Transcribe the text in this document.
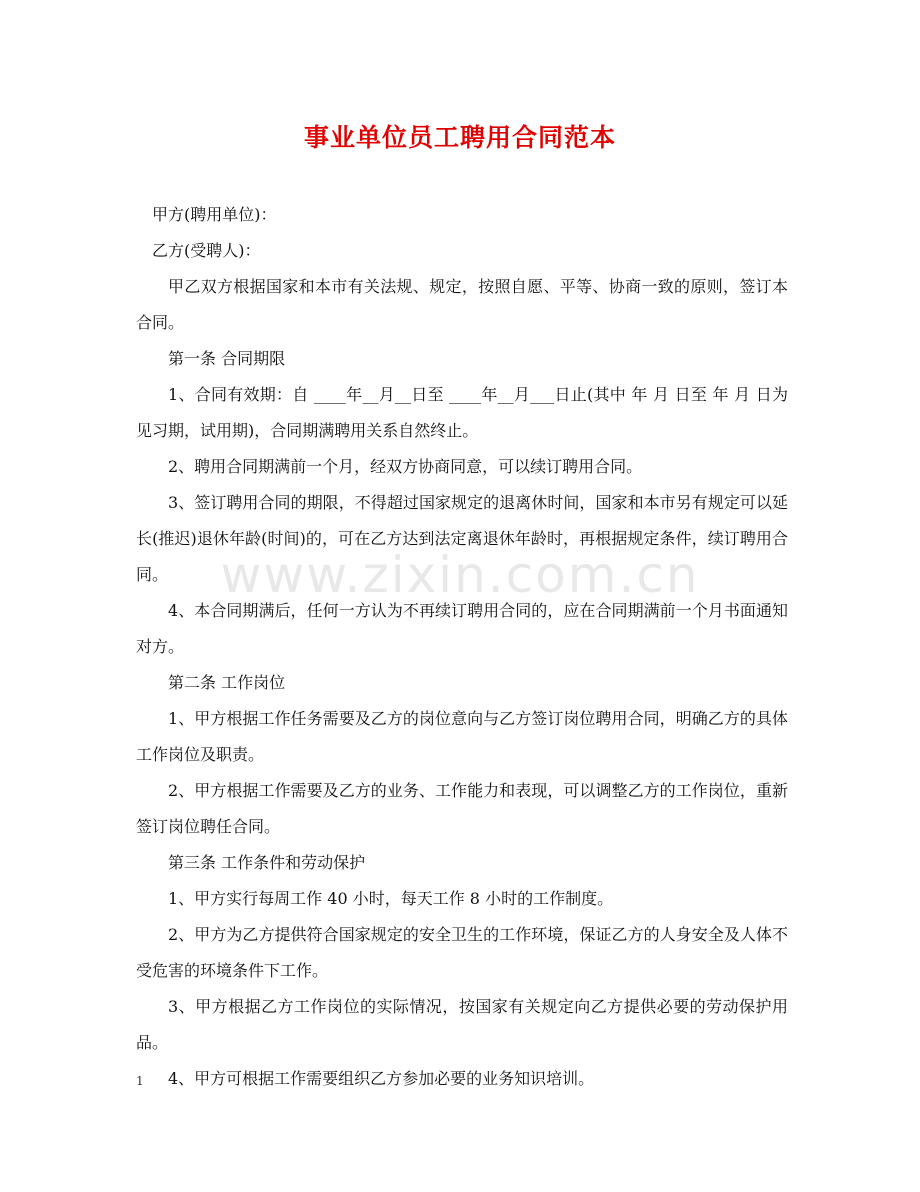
事业单位员工聘用合同范本
www.zixin.com.cn

甲方(聘用单位)：

乙方(受聘人)：

甲乙双方根据国家和本市有关法规、规定，按照自愿、平等、协商一致的原则，签订本合同。

第一条 合同期限

1、合同有效期：自 ____年__月__日至 ____年__月___日止(其中 年 月 日至 年 月 日为见习期，试用期)，合同期满聘用关系自然终止。

2、聘用合同期满前一个月，经双方协商同意，可以续订聘用合同。

3、签订聘用合同的期限，不得超过国家规定的退离休时间，国家和本市另有规定可以延长(推迟)退休年龄(时间)的，可在乙方达到法定离退休年龄时，再根据规定条件，续订聘用合同。

4、本合同期满后，任何一方认为不再续订聘用合同的，应在合同期满前一个月书面通知对方。

第二条 工作岗位

1、甲方根据工作任务需要及乙方的岗位意向与乙方签订岗位聘用合同，明确乙方的具体工作岗位及职责。

2、甲方根据工作需要及乙方的业务、工作能力和表现，可以调整乙方的工作岗位，重新签订岗位聘任合同。

第三条 工作条件和劳动保护

1、甲方实行每周工作 40 小时，每天工作 8 小时的工作制度。

2、甲方为乙方提供符合国家规定的安全卫生的工作环境，保证乙方的人身安全及人体不受危害的环境条件下工作。

3、甲方根据乙方工作岗位的实际情况，按国家有关规定向乙方提供必要的劳动保护用品。

4、甲方可根据工作需要组织乙方参加必要的业务知识培训。

1
